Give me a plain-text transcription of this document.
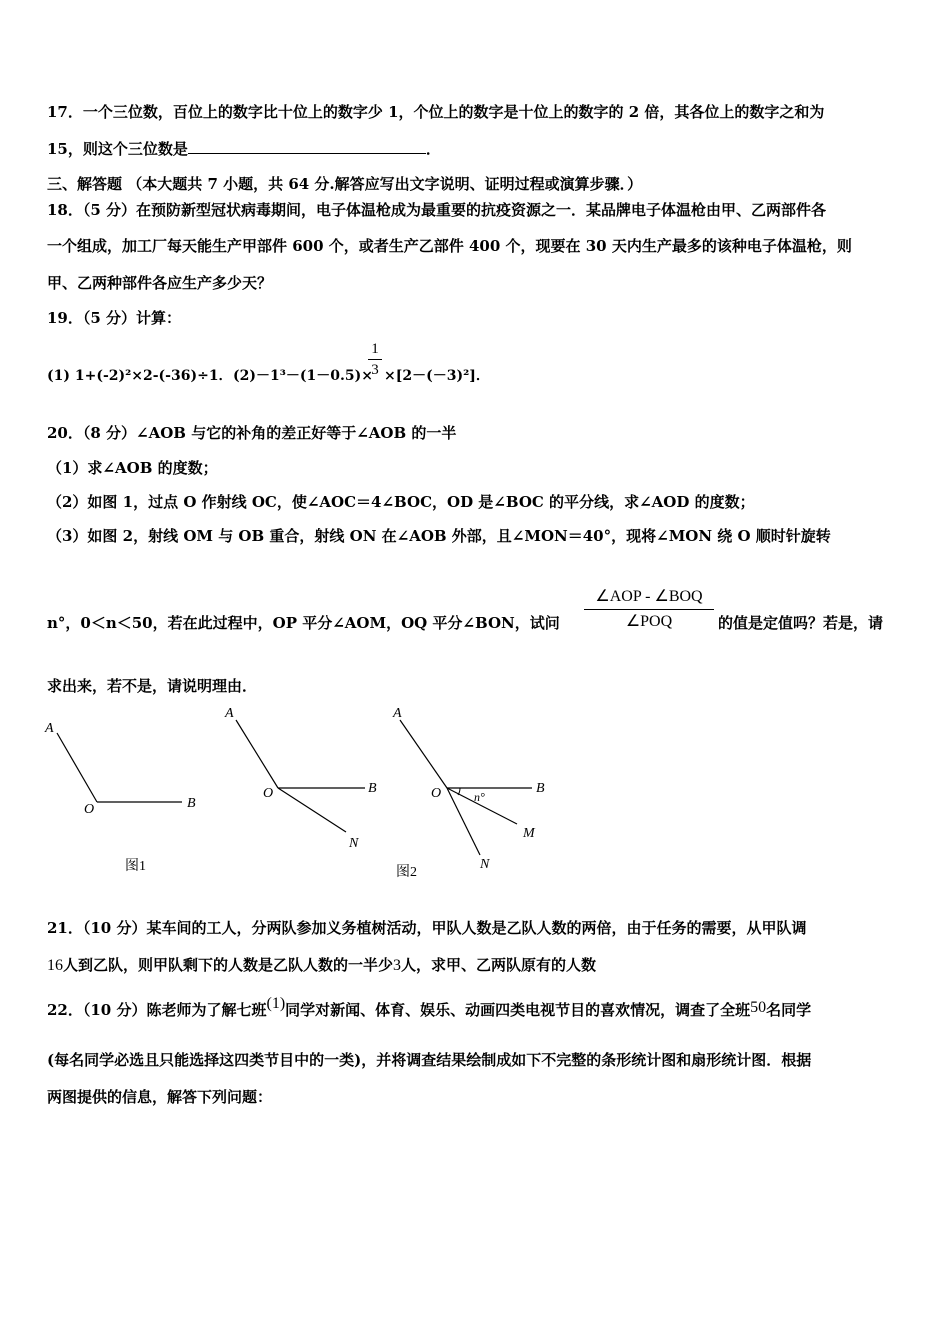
17．一个三位数，百位上的数字比十位上的数字少 1，个位上的数字是十位上的数字的 2 倍，其各位上的数字之和为
15，则这个三位数是	．
三、解答题 （本大题共 7 小题，共 64 分.解答应写出文字说明、证明过程或演算步骤．）
18．（5 分）在预防新型冠状病毒期间，电子体温枪成为最重要的抗疫资源之一．某品牌电子体温枪由甲、乙两部件各
一个组成，加工厂每天能生产甲部件 600 个，或者生产乙部件 400 个，现要在 30 天内生产最多的该种电子体温枪，则
甲、乙两种部件各应生产多少天？
19．（5 分）计算：
(1) 1+(-2)²×2-(-36)÷1． (2)－1³－(1－0.5)×
1
3 ×[2－(－3)²]．
20．（8 分）∠AOB 与它的补角的差正好等于∠AOB 的一半
（1）求∠AOB 的度数；
（2）如图 1，过点 O 作射线 OC，使∠AOC＝4∠BOC，OD 是∠BOC 的平分线，求∠AOD 的度数；
（3）如图 2，射线 OM 与 OB 重合，射线 ON 在∠AOB 外部，且∠MON＝40°，现将∠MON 绕 O 顺时针旋转
n°，0＜n＜50，若在此过程中，OP 平分∠AOM，OQ 平分∠BON，试问
∠AOP - ∠BOQ
∠POQ	的值是定值吗？若是，请
求出来，若不是，请说明理由．
A
O	B
图1
A
O	B
N
A
O	B
M
N
n°
图2
21．（10 分）某车间的工人，分两队参加义务植树活动，甲队人数是乙队人数的两倍，由于任务的需要，从甲队调
16人到乙队，则甲队剩下的人数是乙队人数的一半少3人，求甲、乙两队原有的人数
22．（10 分）陈老师为了解七班(1)同学对新闻、体育、娱乐、动画四类电视节目的喜欢情况，调查了全班50名同学
(每名同学必选且只能选择这四类节目中的一类)，并将调查结果绘制成如下不完整的条形统计图和扇形统计图．根据
两图提供的信息，解答下列问题：
